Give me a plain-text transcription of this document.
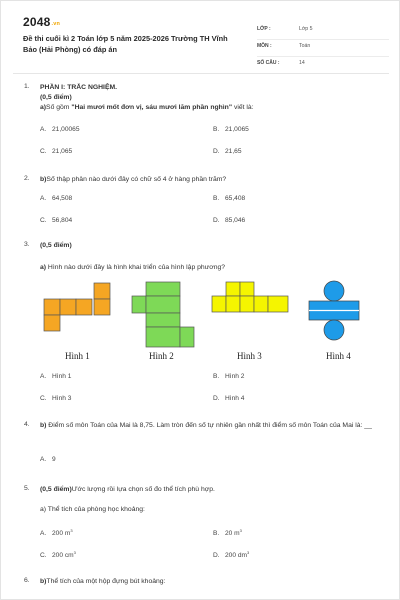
2048.vn
Đề thi cuối kì 2 Toán lớp 5 năm 2025-2026 Trường TH Vĩnh Bảo (Hải Phòng) có đáp án
LỚP :	Lớp 5
MÔN :	Toán
SỐ CÂU :	14
1. PHẦN I: TRẮC NGHIỆM.
(0,5 điểm)
a)Số gồm "Hai mươi mốt đơn vị, sáu mươi lăm phần nghìn" viết là:
A. 21,00065	B. 21,0065
C. 21,065	D. 21,65
2. b)Số thập phân nào dưới đây có chữ số 4 ở hàng phần trăm?
A. 64,508	B. 65,408
C. 56,804	D. 85,046
3. (0,5 điểm)
a) Hình nào dưới đây là hình khai triển của hình lập phương?
Hình 1	Hình 2	Hình 3	Hình 4
A. Hình 1	B. Hình 2
C. Hình 3	D. Hình 4
4. b) Điểm số môn Toán của Mai là 8,75. Làm tròn đến số tự nhiên gần nhất thì điểm số môn Toán của Mai là: __
A. 9
5. (0,5 điểm)Ước lượng rồi lựa chọn số đo thể tích phù hợp.
a) Thể tích của phòng học khoảng:
A. 200 $m^3$	B. 20 $m^3$
C. 200 $cm^3$	D. 200 $dm^3$
6. b)Thể tích của một hộp đựng bút khoảng:
